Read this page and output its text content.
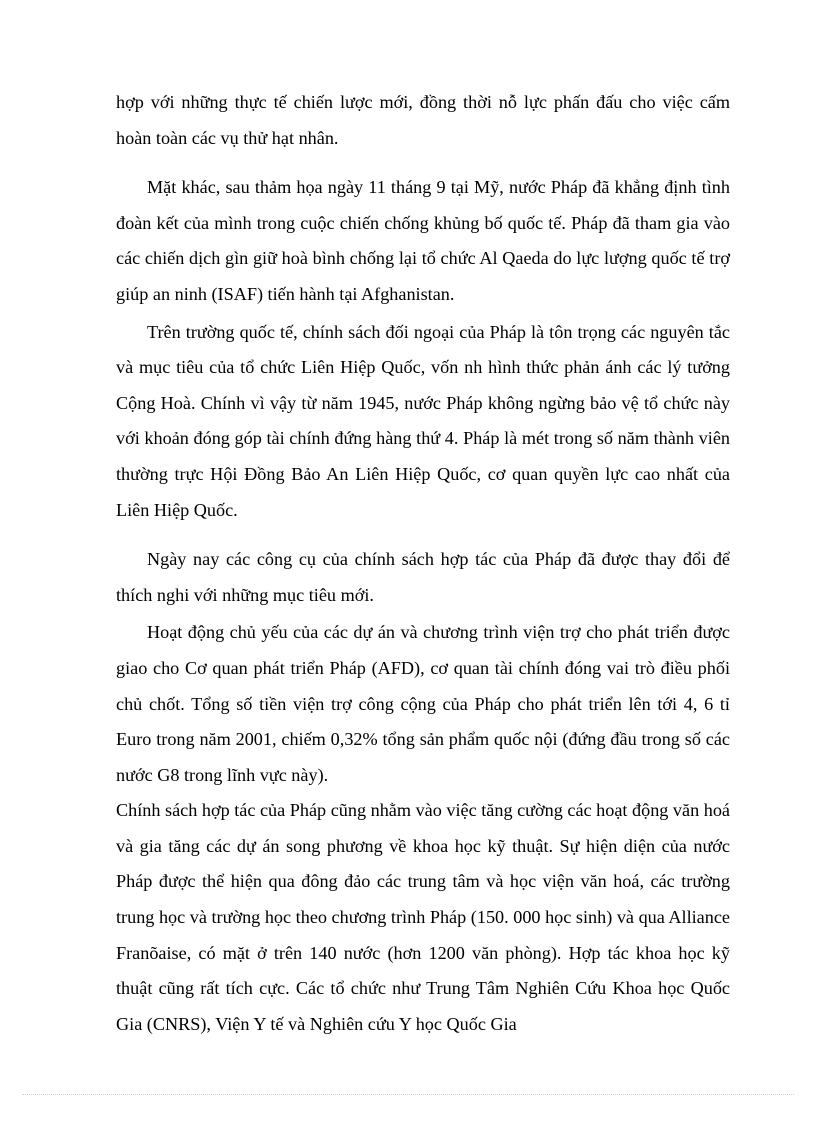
hợp với những thực tế chiến lược mới, đồng thời nỗ lực phấn đấu cho việc cấm hoàn toàn các vụ thử hạt nhân.

Mặt khác, sau thảm họa ngày 11 tháng 9 tại Mỹ, nước Pháp đã khẳng định tình đoàn kết của mình trong cuộc chiến chống khủng bố quốc tế. Pháp đã tham gia vào các chiến dịch gìn giữ hoà bình chống lại tổ chức Al Qaeda do lực lượng quốc tế trợ giúp an ninh (ISAF) tiến hành tại Afghanistan.

Trên trường quốc tế, chính sách đối ngoại của Pháp là tôn trọng các nguyên tắc và mục tiêu của tổ chức Liên Hiệp Quốc, vốn nh hình thức phản ánh các lý tưởng Cộng Hoà. Chính vì vậy từ năm 1945, nước Pháp không ngừng bảo vệ tổ chức này với khoản đóng góp tài chính đứng hàng thứ 4. Pháp là mét trong số năm thành viên thường trực Hội Đồng Bảo An Liên Hiệp Quốc, cơ quan quyền lực cao nhất của Liên Hiệp Quốc.

Ngày nay các công cụ của chính sách hợp tác của Pháp đã được thay đổi để thích nghi với những mục tiêu mới.

Hoạt động chủ yếu của các dự án và chương trình viện trợ cho phát triển được giao cho Cơ quan phát triển Pháp (AFD), cơ quan tài chính đóng vai trò điều phối chủ chốt. Tổng số tiền viện trợ công cộng của Pháp cho phát triển lên tới 4, 6 tỉ Euro trong năm 2001, chiếm 0,32% tổng sản phẩm quốc nội (đứng đầu trong số các nước G8 trong lĩnh vực này).

Chính sách hợp tác của Pháp cũng nhằm vào việc tăng cường các hoạt động văn hoá và gia tăng các dự án song phương về khoa học kỹ thuật. Sự hiện diện của nước Pháp được thể hiện qua đông đảo các trung tâm và học viện văn hoá, các trường trung học và trường học theo chương trình Pháp (150. 000 học sinh) và qua Alliance Franõaise, có mặt ở trên 140 nước (hơn 1200 văn phòng). Hợp tác khoa học kỹ thuật cũng rất tích cực. Các tổ chức như Trung Tâm Nghiên Cứu Khoa học Quốc Gia (CNRS), Viện Y tế và Nghiên cứu Y học Quốc Gia
